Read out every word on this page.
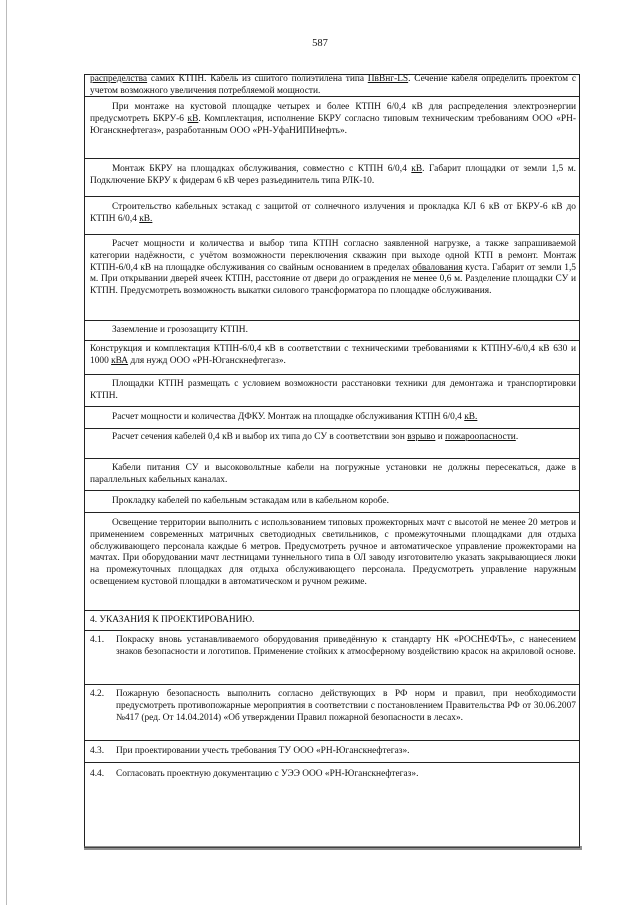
587

распределства самих КТПН. Кабель из сшитого полиэтилена типа ПвВнг-LS. Сечение кабеля определить проектом с учетом возможного увеличения потребляемой мощности.

При монтаже на кустовой площадке четырех и более КТПН 6/0,4 кВ для распределения электроэнергии предусмотреть БКРУ-6 кВ. Комплектация, исполнение БКРУ согласно типовым техническим требованиям ООО «РН-Юганскнефтегаз», разработанным ООО «РН-УфаНИПИнефть».

Монтаж БКРУ на площадках обслуживания, совместно с КТПН 6/0,4 кВ. Габарит площадки от земли 1,5 м. Подключение БКРУ к фидерам 6 кВ через разъединитель типа РЛК-10.

Строительство кабельных эстакад с защитой от солнечного излучения и прокладка КЛ 6 кВ от БКРУ-6 кВ до КТПН 6/0,4 кВ.

Расчет мощности и количества и выбор типа КТПН согласно заявленной нагрузке, а также запрашиваемой категории надёжности, с учётом возможности переключения скважин при выходе одной КТП в ремонт. Монтаж КТПН-6/0,4 кВ на площадке обслуживания со свайным основанием в пределах обвалования куста. Габарит от земли 1,5 м. При открывании дверей ячеек КТПН, расстояние от двери до ограждения не менее 0,6 м. Разделение площадки СУ и КТПН. Предусмотреть возможность выкатки силового трансформатора по площадке обслуживания.

Заземление и грозозащиту КТПН.

Конструкция и комплектация КТПН-6/0,4 кВ в соответствии с техническими требованиями к КТПНУ-6/0,4 кВ 630 и 1000 кВА для нужд ООО «РН-Юганскнефтегаз».

Площадки КТПН размещать с условием возможности расстановки техники для демонтажа и транспортировки КТПН.

Расчет мощности и количества ДФКУ. Монтаж на площадке обслуживания КТПН 6/0,4 кВ.

Расчет сечения кабелей 0,4 кВ и выбор их типа до СУ в соответствии зон взрыво и пожароопасности.

Кабели питания СУ и высоковольтные кабели на погружные установки не должны пересекаться, даже в параллельных кабельных каналах.

Прокладку кабелей по кабельным эстакадам или в кабельном коробе.

Освещение территории выполнить с использованием типовых прожекторных мачт с высотой не менее 20 метров и применением современных матричных светодиодных светильников, с промежуточными площадками для отдыха обслуживающего персонала каждые 6 метров. Предусмотреть ручное и автоматическое управление прожекторами на мачтах. При оборудовании мачт лестницами туннельного типа в ОЛ заводу изготовителю указать закрывающиеся люки на промежуточных площадках для отдыха обслуживающего персонала. Предусмотреть управление наружным освещением кустовой площадки в автоматическом и ручном режиме.

4. УКАЗАНИЯ К ПРОЕКТИРОВАНИЮ.

4.1.	Покраску вновь устанавливаемого оборудования приведённую к стандарту НК «РОСНЕФТЬ», с нанесением знаков безопасности и логотипов. Применение стойких к атмосферному воздействию красок на акриловой основе.
4.2.	Пожарную безопасность выполнить согласно действующих в РФ норм и правил, при необходимости предусмотреть противопожарные мероприятия в соответствии с постановлением Правительства РФ от 30.06.2007 №417 (ред. От 14.04.2014) «Об утверждении Правил пожарной безопасности в лесах».
4.3.	При проектировании учесть требования ТУ ООО «РН-Юганскнефтегаз».
4.4.	Согласовать проектную документацию с УЭЭ ООО «РН-Юганскнефтегаз».
